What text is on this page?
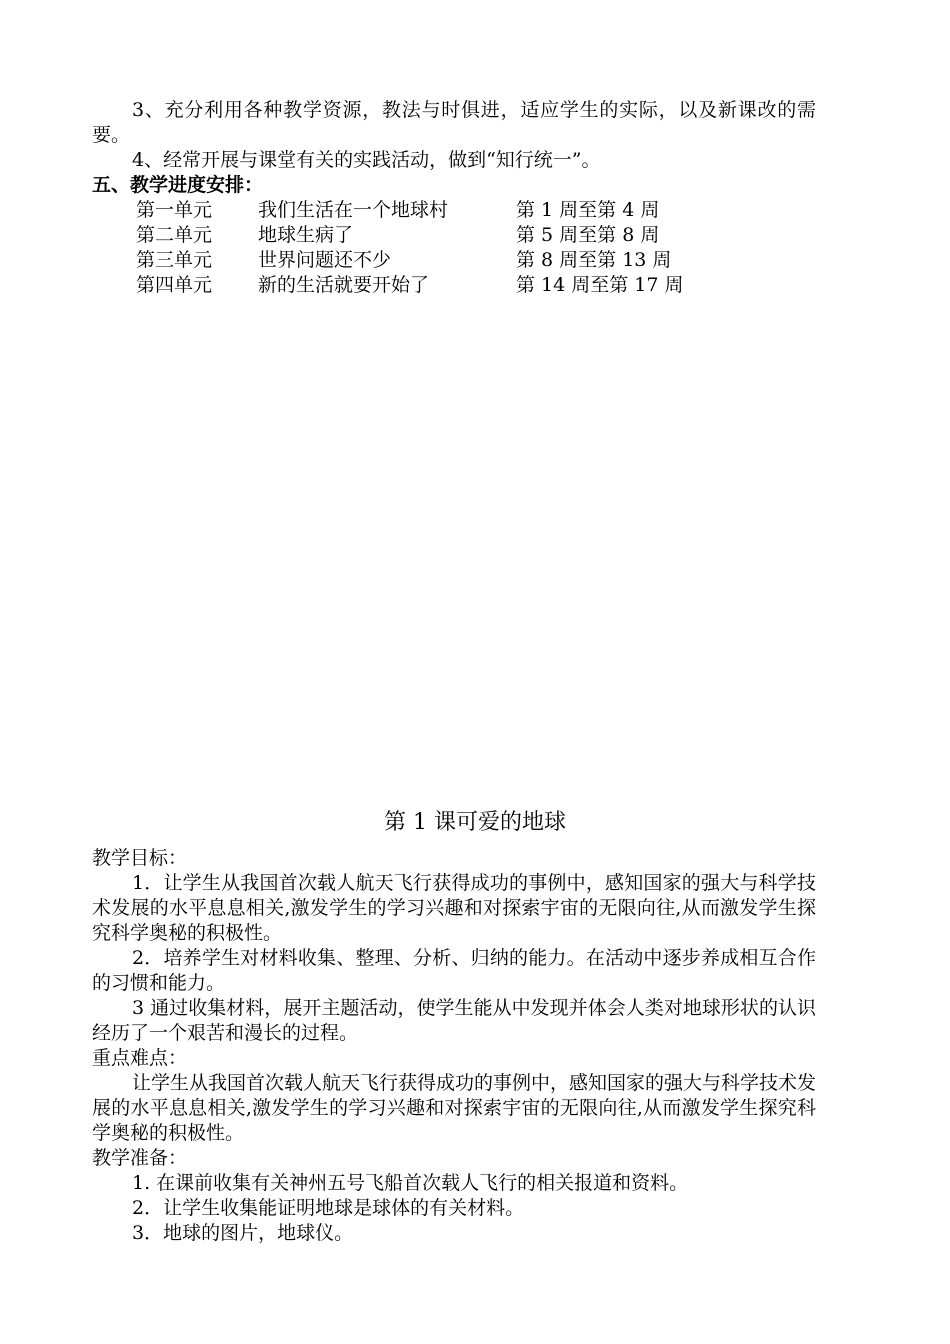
3、充分利用各种教学资源，教法与时俱进，适应学生的实际，以及新课改的需要。

4、经常开展与课堂有关的实践活动，做到“知行统一”。

五、教学进度安排：

第一单元	我们生活在一个地球村	第 1 周至第 4 周
第二单元	地球生病了	第 5 周至第 8 周
第三单元	世界问题还不少	第 8 周至第 13 周
第四单元	新的生活就要开始了	第 14 周至第 17 周
第 1 课可爱的地球

教学目标：

1．让学生从我国首次载人航天飞行获得成功的事例中，感知国家的强大与科学技术发展的水平息息相关,激发学生的学习兴趣和对探索宇宙的无限向往,从而激发学生探究科学奥秘的积极性。

2．培养学生对材料收集、整理、分析、归纳的能力。在活动中逐步养成相互合作的习惯和能力。

3 通过收集材料，展开主题活动，使学生能从中发现并体会人类对地球形状的认识经历了一个艰苦和漫长的过程。

重点难点：

让学生从我国首次载人航天飞行获得成功的事例中，感知国家的强大与科学技术发展的水平息息相关,激发学生的学习兴趣和对探索宇宙的无限向往,从而激发学生探究科学奥秘的积极性。

教学准备：

1. 在课前收集有关神州五号飞船首次载人飞行的相关报道和资料。

2．让学生收集能证明地球是球体的有关材料。

3．地球的图片，地球仪。
